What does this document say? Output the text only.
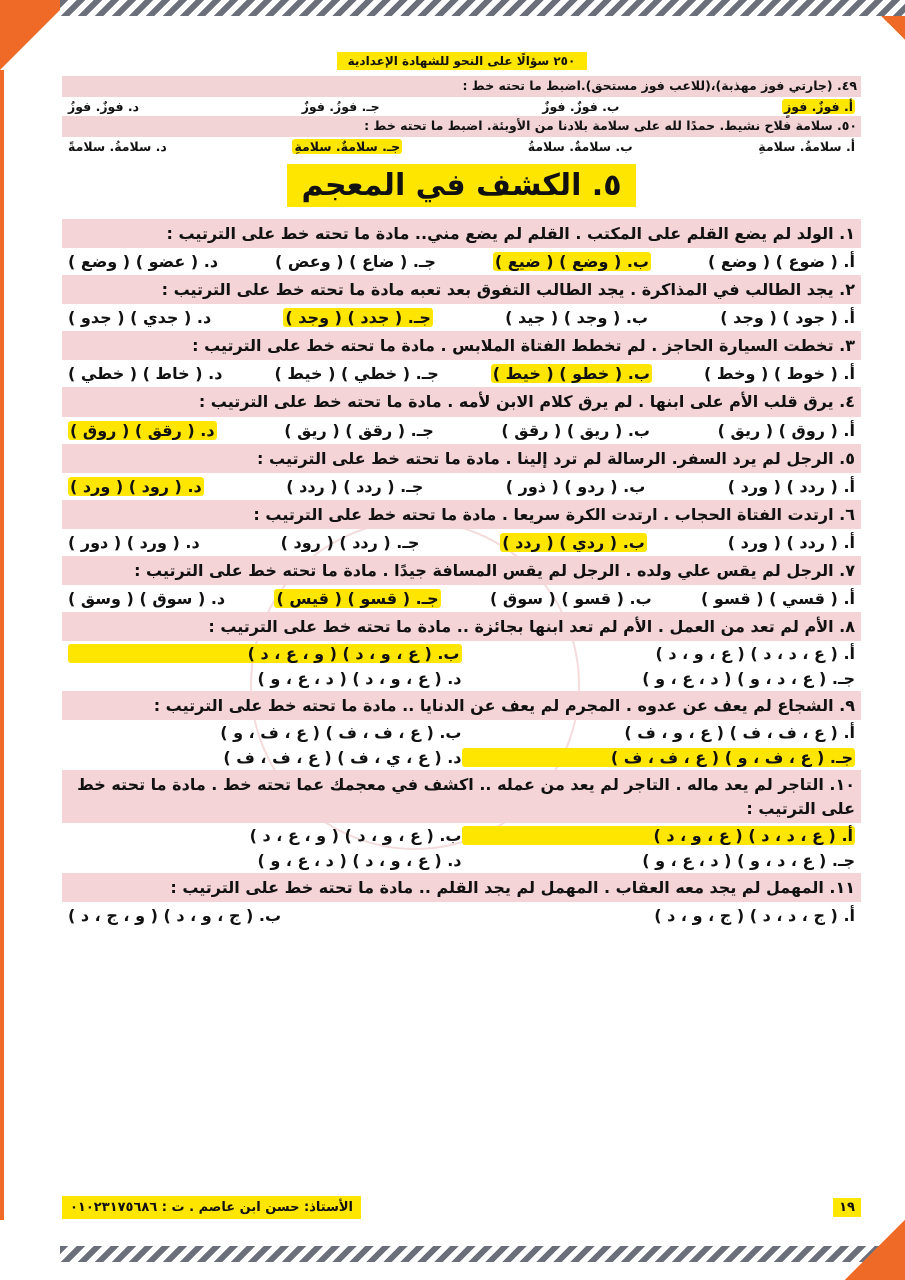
٢٥٠ سؤالًا على النحو للشهادة الإعدادية
٤٩. (جارتي فوز مهذبة)،(للاعب فوز مستحق).اضبط ما تحته خط :
أ. فوزٌ. فوزٍ
ب. فوزٌ. فوزٌ
جـ. فوزُ. فوزٌ
د. فوزٌ. فوزُ
٥٠. سلامة فلاح نشيط. حمدًا لله على سلامة بلادنا من الأوبئة. اضبط ما تحته خط :
أ. سلامةُ. سلامةِ
ب. سلامةٌ. سلامةُ
جـ. سلامةٌ. سلامةِ
د. سلامةُ. سلامةً
٥. الكشف في المعجم
١. الولد لم يضع القلم على المكتب . القلم لم يضع مني.. مادة ما تحته خط على الترتيب :
أ. ( ضوع ) ( وضع )
ب. ( وضع ) ( ضيع )
جـ. ( ضاع ) ( وعض )
د. ( عضو ) ( وضع )
٢. يجد الطالب في المذاكرة . يجد الطالب التفوق بعد تعبه مادة ما تحته خط على الترتيب :
أ. ( جود ) ( وجد )
ب. ( وجد ) ( جيد )
جـ. ( جدد ) ( وجد )
د. ( جدي ) ( جدو )
٣. تخطت السيارة الحاجز . لم تخطط الفتاة الملابس . مادة ما تحته خط على الترتيب :
أ. ( خوط ) ( وخط )
ب. ( خطو ) ( خيط )
جـ. ( خطي ) ( خيط )
د. ( خاط ) ( خطي )
٤. يرق قلب الأم على ابنها . لم يرق كلام الابن لأمه . مادة ما تحته خط على الترتيب :
أ. ( روق ) ( ريق )
ب. ( ريق ) ( رقق )
جـ. ( رقق ) ( ريق )
د. ( رقق ) ( روق )
٥. الرجل لم يرد السفر. الرسالة لم ترد إلينا . مادة ما تحته خط على الترتيب :
أ. ( ردد ) ( ورد )
ب. ( ردو ) ( ذور )
جـ. ( ردد ) ( ردد )
د. ( رود ) ( ورد )
٦. ارتدت الفتاة الحجاب . ارتدت الكرة سريعا . مادة ما تحته خط على الترتيب :
أ. ( ردد ) ( ورد )
ب. ( ردي ) ( ردد )
جـ. ( ردد ) ( رود )
د. ( ورد ) ( دور )
٧. الرجل لم يقس علي ولده . الرجل لم يقس المسافة جيدًا . مادة ما تحته خط على الترتيب :
أ. ( قسي ) ( قسو )
ب. ( قسو ) ( سوق )
جـ. ( قسو ) ( قيس )
د. ( سوق ) ( وسق )
٨. الأم لم تعد من العمل . الأم لم تعد ابنها بجائزة .. مادة ما تحته خط على الترتيب :
أ. ( ع ، د ، د ) ( ع ، و ، د )
ب. ( ع ، و ، د ) ( و ، ع ، د )
جـ. ( ع ، د ، و ) ( د ، ع ، و )
د. ( ع ، و ، د ) ( د ، ع ، و )
٩. الشجاع لم يعف عن عدوه . المجرم لم يعف عن الدنايا .. مادة ما تحته خط على الترتيب :
أ. ( ع ، ف ، ف ) ( ع ، و ، ف )
ب. ( ع ، ف ، ف ) ( ع ، ف ، و )
جـ. ( ع ، ف ، و ) ( ع ، ف ، ف )
د. ( ع ، ي ، ف ) ( ع ، ف ، ف )
١٠. التاجر لم يعد ماله . التاجر لم يعد من عمله .. اكشف في معجمك عما تحته خط . مادة ما تحته خط على الترتيب :
أ. ( ع ، د ، د ) ( ع ، و ، د )
ب. ( ع ، و ، د ) ( و ، ع ، د )
جـ. ( ع ، د ، و ) ( د ، ع ، و )
د. ( ع ، و ، د ) ( د ، ع ، و )
١١. المهمل لم يجد معه العقاب . المهمل لم يجد القلم .. مادة ما تحته خط على الترتيب :
أ. ( ج ، د ، د ) ( ج ، و ، د )
ب. ( ج ، و ، د ) ( و ، ج ، د )
١٩
الأستاذ: حسن ابن عاصم . ت : ٠١٠٢٣١٧٥٦٨٦
